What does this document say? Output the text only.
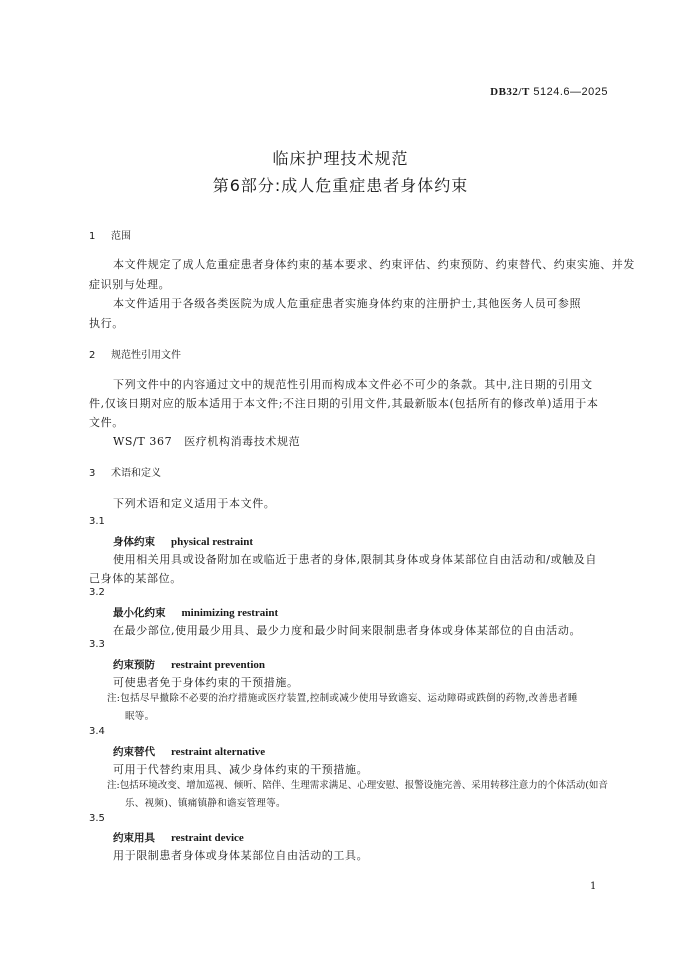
DB32/T 5124.6—2025
临床护理技术规范
第6部分:成人危重症患者身体约束
1 范围
本文件规定了成人危重症患者身体约束的基本要求、约束评估、约束预防、约束替代、约束实施、并发
症识别与处理。
本文件适用于各级各类医院为成人危重症患者实施身体约束的注册护士,其他医务人员可参照
执行。
2 规范性引用文件
下列文件中的内容通过文中的规范性引用而构成本文件必不可少的条款。其中,注日期的引用文
件,仅该日期对应的版本适用于本文件;不注日期的引用文件,其最新版本(包括所有的修改单)适用于本
文件。
WS/T 367 医疗机构消毒技术规范
3 术语和定义
下列术语和定义适用于本文件。
3.1
身体约束 physical restraint
使用相关用具或设备附加在或临近于患者的身体,限制其身体或身体某部位自由活动和/或触及自
己身体的某部位。
3.2
最小化约束 minimizing restraint
在最少部位,使用最少用具、最少力度和最少时间来限制患者身体或身体某部位的自由活动。
3.3
约束预防 restraint prevention
可使患者免于身体约束的干预措施。
注:包括尽早撤除不必要的治疗措施或医疗装置,控制或减少使用导致谵妄、运动障碍或跌倒的药物,改善患者睡
眠等。
3.4
约束替代 restraint alternative
可用于代替约束用具、减少身体约束的干预措施。
注:包括环境改变、增加巡视、倾听、陪伴、生理需求满足、心理安慰、报警设施完善、采用转移注意力的个体活动(如音
乐、视频)、镇痛镇静和谵妄管理等。
3.5
约束用具 restraint device
用于限制患者身体或身体某部位自由活动的工具。
1
